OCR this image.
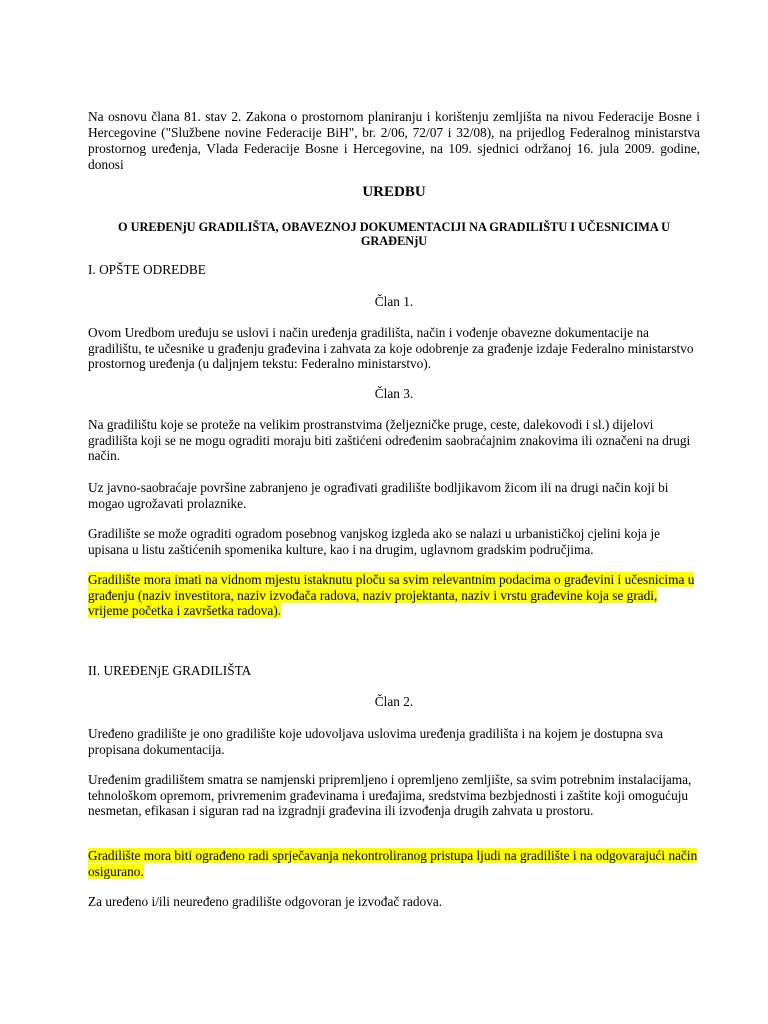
Na osnovu člana 81. stav 2. Zakona o prostornom planiranju i korištenju zemljišta na nivou Federacije Bosne i Hercegovine ("Službene novine Federacije BiH", br. 2/06, 72/07 i 32/08), na prijedlog Federalnog ministarstva prostornog uređenja, Vlada Federacije Bosne i Hercegovine, na 109. sjednici održanoj 16. jula 2009. godine, donosi

UREDBU
O UREĐENjU GRADILIŠTA, OBAVEZNOJ DOKUMENTACIJI NA GRADILIŠTU I UČESNICIMA U GRAĐENjU
I. OPŠTE ODREDBE
Član 1.

Ovom Uredbom uređuju se uslovi i način uređenja gradilišta, način i vođenje obavezne dokumentacije na gradilištu, te učesnike u građenju građevina i zahvata za koje odobrenje za građenje izdaje Federalno ministarstvo prostornog uređenja (u daljnjem tekstu: Federalno ministarstvo).

Član 3.

Na gradilištu koje se proteže na velikim prostranstvima (željezničke pruge, ceste, dalekovodi i sl.) dijelovi gradilišta koji se ne mogu ograditi moraju biti zaštićeni određenim saobraćajnim znakovima ili označeni na drugi način.

Uz javno-saobraćaje površine zabranjeno je ograđivati gradilište bodljikavom žicom ili na drugi način koji bi mogao ugrožavati prolaznike.

Gradilište se može ograditi ogradom posebnog vanjskog izgleda ako se nalazi u urbanističkoj cjelini koja je upisana u listu zaštićenih spomenika kulture, kao i na drugim, uglavnom gradskim područjima.

Gradilište mora imati na vidnom mjestu istaknutu ploču sa svim relevantnim podacima o građevini i učesnicima u građenju (naziv investitora, naziv izvođača radova, naziv projektanta, naziv i vrstu građevine koja se gradi, vrijeme početka i završetka radova).

II. UREĐENjE GRADILIŠTA
Član 2.

Uređeno gradilište je ono gradilište koje udovoljava uslovima uređenja gradilišta i na kojem je dostupna sva propisana dokumentacija.

Uređenim gradilištem smatra se namjenski pripremljeno i opremljeno zemljište, sa svim potrebnim instalacijama, tehnološkom opremom, privremenim građevinama i uređajima, sredstvima bezbjednosti i zaštite koji omogućuju nesmetan, efikasan i siguran rad na izgradnji građevina ili izvođenja drugih zahvata u prostoru.

Gradilište mora biti ograđeno radi sprječavanja nekontroliranog pristupa ljudi na gradilište i na odgovarajući način osigurano.

Za uređeno i/ili neuređeno gradilište odgovoran je izvođač radova.
